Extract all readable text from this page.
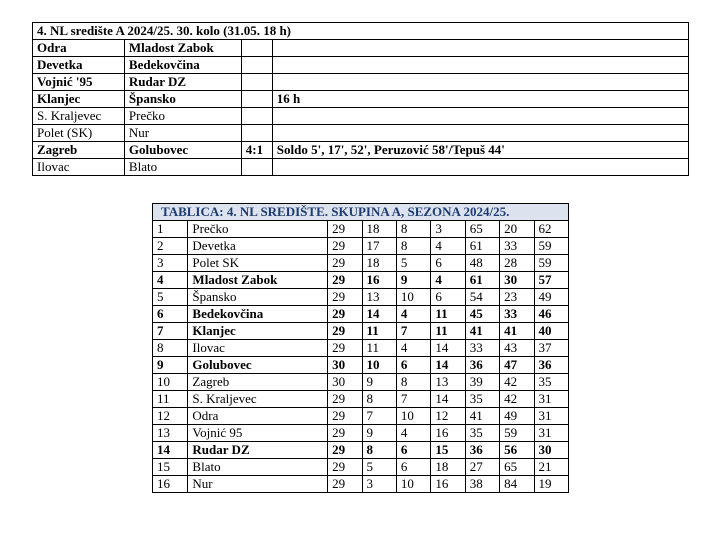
4. NL središte A 2024/25. 30. kolo (31.05. 18 h)			
Odra	Mladost Zabok		
Devetka	Bedekovčina		
Vojnić '95	Rudar DZ		
Klanjec	Špansko		16 h
S. Kraljevec	Prečko		
Polet (SK)	Nur		
Zagreb	Golubovec	4:1	Soldo 5', 17', 52', Peruzović 58'/Tepuš 44'
Ilovac	Blato		
TABLICA: 4. NL SREDIŠTE. SKUPINA A, SEZONA 2024/25.								
1	Prečko	29	18	8	3	65	20	62
2	Devetka	29	17	8	4	61	33	59
3	Polet SK	29	18	5	6	48	28	59
4	Mladost Zabok	29	16	9	4	61	30	57
5	Špansko	29	13	10	6	54	23	49
6	Bedekovčina	29	14	4	11	45	33	46
7	Klanjec	29	11	7	11	41	41	40
8	Ilovac	29	11	4	14	33	43	37
9	Golubovec	30	10	6	14	36	47	36
10	Zagreb	30	9	8	13	39	42	35
11	S. Kraljevec	29	8	7	14	35	42	31
12	Odra	29	7	10	12	41	49	31
13	Vojnić 95	29	9	4	16	35	59	31
14	Rudar DZ	29	8	6	15	36	56	30
15	Blato	29	5	6	18	27	65	21
16	Nur	29	3	10	16	38	84	19
